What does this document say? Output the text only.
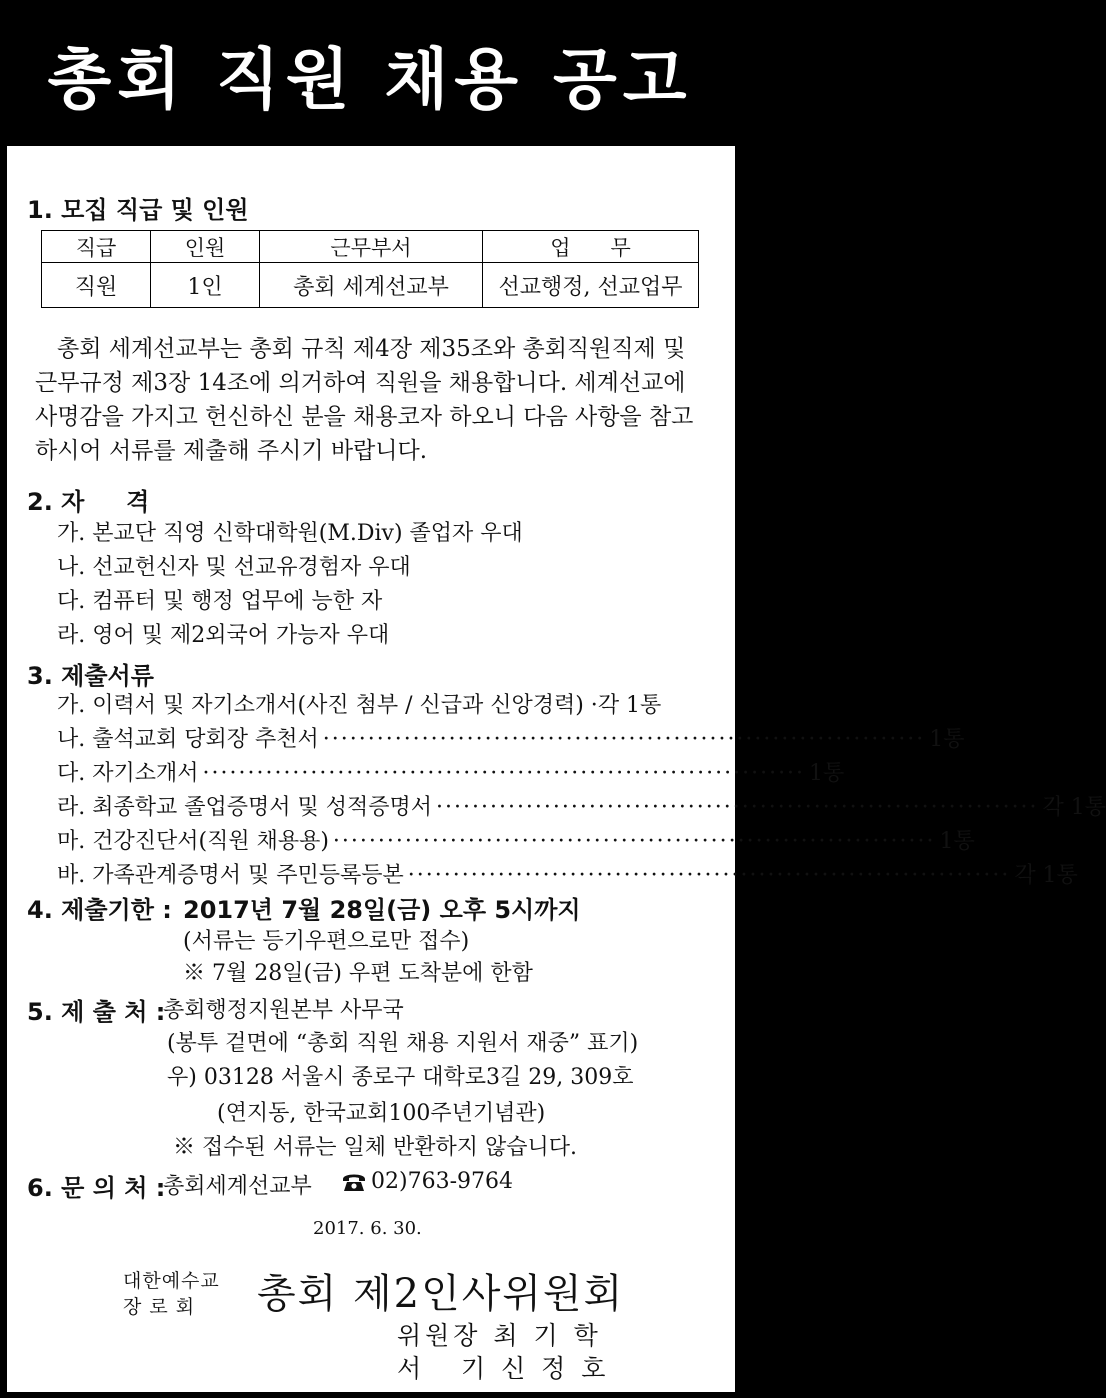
총회 직원 채용 공고
1. 모집 직급 및 인원
직급	인원	근무부서	업      무
직원	1인	총회 세계선교부	선교행정, 선교업무
총회 세계선교부는 총회 규칙 제4장 제35조와 총회직원직제 및
근무규정 제3장 14조에 의거하여 직원을 채용합니다. 세계선교에
사명감을 가지고 헌신하신 분을 채용코자 하오니 다음 사항을 참고
하시어 서류를 제출해 주시기 바랍니다.
2. 자     격
가. 본교단 직영 신학대학원(M.Div) 졸업자 우대
나. 선교헌신자 및 선교유경험자 우대
다. 컴퓨터 및 행정 업무에 능한 자
라. 영어 및 제2외국어 가능자 우대
3. 제출서류
가. 이력서 및 자기소개서(사진 첨부 / 신급과 신앙경력) · 각 1통
나. 출석교회 당회장 추천서 ··································································· 1통
다. 자기소개서 ··································································· 1통
라. 최종학교 졸업증명서 및 성적증명서 ··································································· 각 1통
마. 건강진단서(직원 채용용) ··································································· 1통
바. 가족관계증명서 및 주민등록등본 ··································································· 각 1통
4. 제출기한 : 2017년 7월 28일(금) 오후 5시까지
(서류는 등기우편으로만 접수)
※ 7월 28일(금) 우편 도착분에 한함
5. 제 출 처 :
총회행정지원본부 사무국
(봉투 겉면에 “총회 직원 채용 지원서 재중” 표기)
우) 03128 서울시 종로구 대학로3길 29, 309호
(연지동, 한국교회100주년기념관)
※ 접수된 서류는 일체 반환하지 않습니다.
6. 문 의 처 :
총회세계선교부	02)763-9764
2017. 6. 30.
대한예수교
장 로 회 총회 제2인사위원회
위원장 최 기 학
서   기 신 정 호
